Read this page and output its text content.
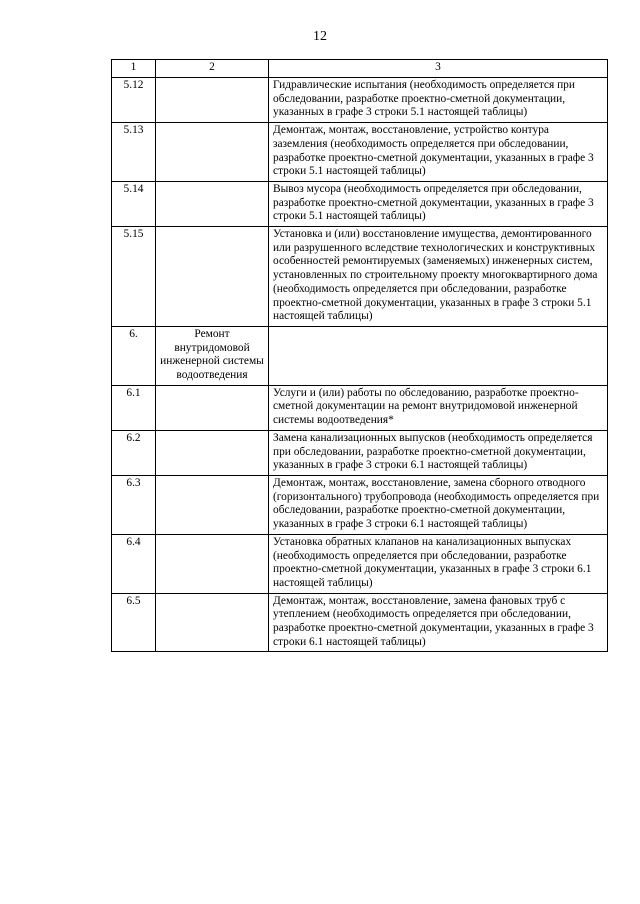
12
1	2	3
5.12		Гидравлические испытания (необходимость определяется при обследовании, разработке проектно-сметной документации, указанных в графе 3 строки 5.1 настоящей таблицы)
5.13		Демонтаж, монтаж, восстановление, устройство контура заземления (необходимость определяется при обследовании, разработке проектно-сметной документации, указанных в графе 3 строки 5.1 настоящей таблицы)
5.14		Вывоз мусора (необходимость определяется при обследовании, разработке проектно-сметной документации, указанных в графе 3 строки 5.1 настоящей таблицы)
5.15		Установка и (или) восстановление имущества, демонтированного или разрушенного вследствие технологических и конструктивных особенностей ремонтируемых (заменяемых) инженерных систем, установленных по строительному проекту многоквартирного дома (необходимость определяется при обследовании, разработке проектно-сметной документации, указанных в графе 3 строки 5.1 настоящей таблицы)
6.	Ремонт внутридомовой инженерной системы водоотведения	
6.1		Услуги и (или) работы по обследованию, разработке проектно-сметной документации на ремонт внутридомовой инженерной системы водоотведения*
6.2		Замена канализационных выпусков (необходимость определяется при обследовании, разработке проектно-сметной документации, указанных в графе 3 строки 6.1 настоящей таблицы)
6.3		Демонтаж, монтаж, восстановление, замена сборного отводного (горизонтального) трубопровода (необходимость определяется при обследовании, разработке проектно-сметной документации, указанных в графе 3 строки 6.1 настоящей таблицы)
6.4		Установка обратных клапанов на канализационных выпусках (необходимость определяется при обследовании, разработке проектно-сметной документации, указанных в графе 3 строки 6.1 настоящей таблицы)
6.5		Демонтаж, монтаж, восстановление, замена фановых труб с утеплением (необходимость определяется при обследовании, разработке проектно-сметной документации, указанных в графе 3 строки 6.1 настоящей таблицы)
